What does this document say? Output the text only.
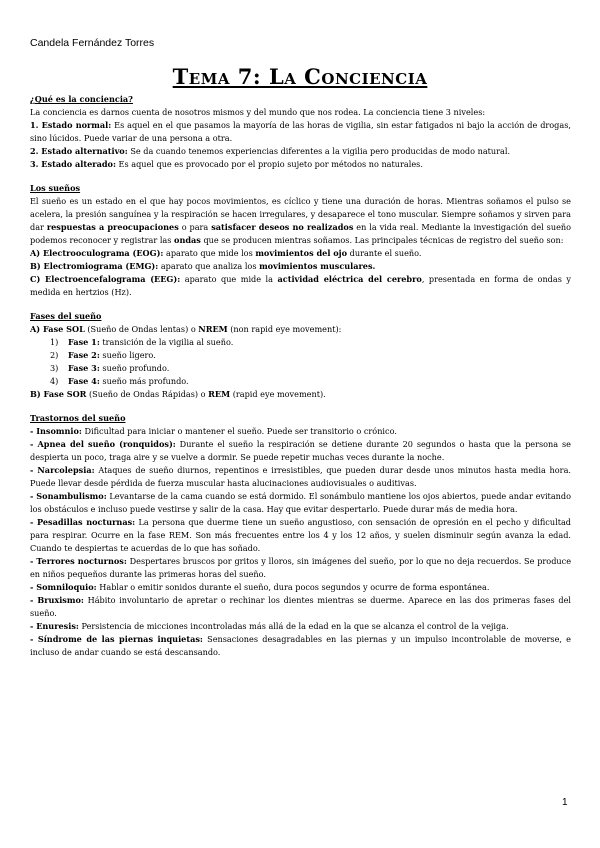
Candela Fernández Torres
Tema 7: La Conciencia

¿Qué es la conciencia?

La conciencia es darnos cuenta de nosotros mismos y del mundo que nos rodea. La conciencia tiene 3 niveles:

1. Estado normal: Es aquel en el que pasamos la mayoría de las horas de vigilia, sin estar fatigados ni bajo la acción de drogas, sino lúcidos. Puede variar de una persona a otra.

2. Estado alternativo: Se da cuando tenemos experiencias diferentes a la vigilia pero producidas de modo natural.

3. Estado alterado: Es aquel que es provocado por el propio sujeto por métodos no naturales.

Los sueños

El sueño es un estado en el que hay pocos movimientos, es cíclico y tiene una duración de horas. Mientras soñamos el pulso se acelera, la presión sanguínea y la respiración se hacen irregulares, y desaparece el tono muscular. Siempre soñamos y sirven para dar respuestas a preocupaciones o para satisfacer deseos no realizados en la vida real. Mediante la investigación del sueño podemos reconocer y registrar las ondas que se producen mientras soñamos. Las principales técnicas de registro del sueño son:

A) Electrooculograma (EOG): aparato que mide los movimientos del ojo durante el sueño.

B) Electromiograma (EMG): aparato que analiza los movimientos musculares.

C) Electroencefalograma (EEG): aparato que mide la actividad eléctrica del cerebro, presentada en forma de ondas y medida en hertzios (Hz).

Fases del sueño

A) Fase SOL (Sueño de Ondas lentas) o NREM (non rapid eye movement):

1) Fase 1: transición de la vigilia al sueño.

2) Fase 2: sueño ligero.

3) Fase 3: sueño profundo.

4) Fase 4: sueño más profundo.

B) Fase SOR (Sueño de Ondas Rápidas) o REM (rapid eye movement).

Trastornos del sueño

- Insomnio: Dificultad para iniciar o mantener el sueño. Puede ser transitorio o crónico.

- Apnea del sueño (ronquidos): Durante el sueño la respiración se detiene durante 20 segundos o hasta que la persona se despierta un poco, traga aire y se vuelve a dormir. Se puede repetir muchas veces durante la noche.

- Narcolepsia: Ataques de sueño diurnos, repentinos e irresistibles, que pueden durar desde unos minutos hasta media hora. Puede llevar desde pérdida de fuerza muscular hasta alucinaciones audiovisuales o auditivas.

- Sonambulismo: Levantarse de la cama cuando se está dormido. El sonámbulo mantiene los ojos abiertos, puede andar evitando los obstáculos e incluso puede vestirse y salir de la casa. Hay que evitar despertarlo. Puede durar más de media hora.

- Pesadillas nocturnas: La persona que duerme tiene un sueño angustioso, con sensación de opresión en el pecho y dificultad para respirar. Ocurre en la fase REM. Son más frecuentes entre los 4 y los 12 años, y suelen disminuir según avanza la edad. Cuando te despiertas te acuerdas de lo que has soñado.

- Terrores nocturnos: Despertares bruscos por gritos y lloros, sin imágenes del sueño, por lo que no deja recuerdos. Se produce en niños pequeños durante las primeras horas del sueño.

- Somniloquio: Hablar o emitir sonidos durante el sueño, dura pocos segundos y ocurre de forma espontánea.

- Bruxismo: Hábito involuntario de apretar o rechinar los dientes mientras se duerme. Aparece en las dos primeras fases del sueño.

- Enuresis: Persistencia de micciones incontroladas más allá de la edad en la que se alcanza el control de la vejiga.

- Síndrome de las piernas inquietas: Sensaciones desagradables en las piernas y un impulso incontrolable de moverse, e incluso de andar cuando se está descansando.

1
